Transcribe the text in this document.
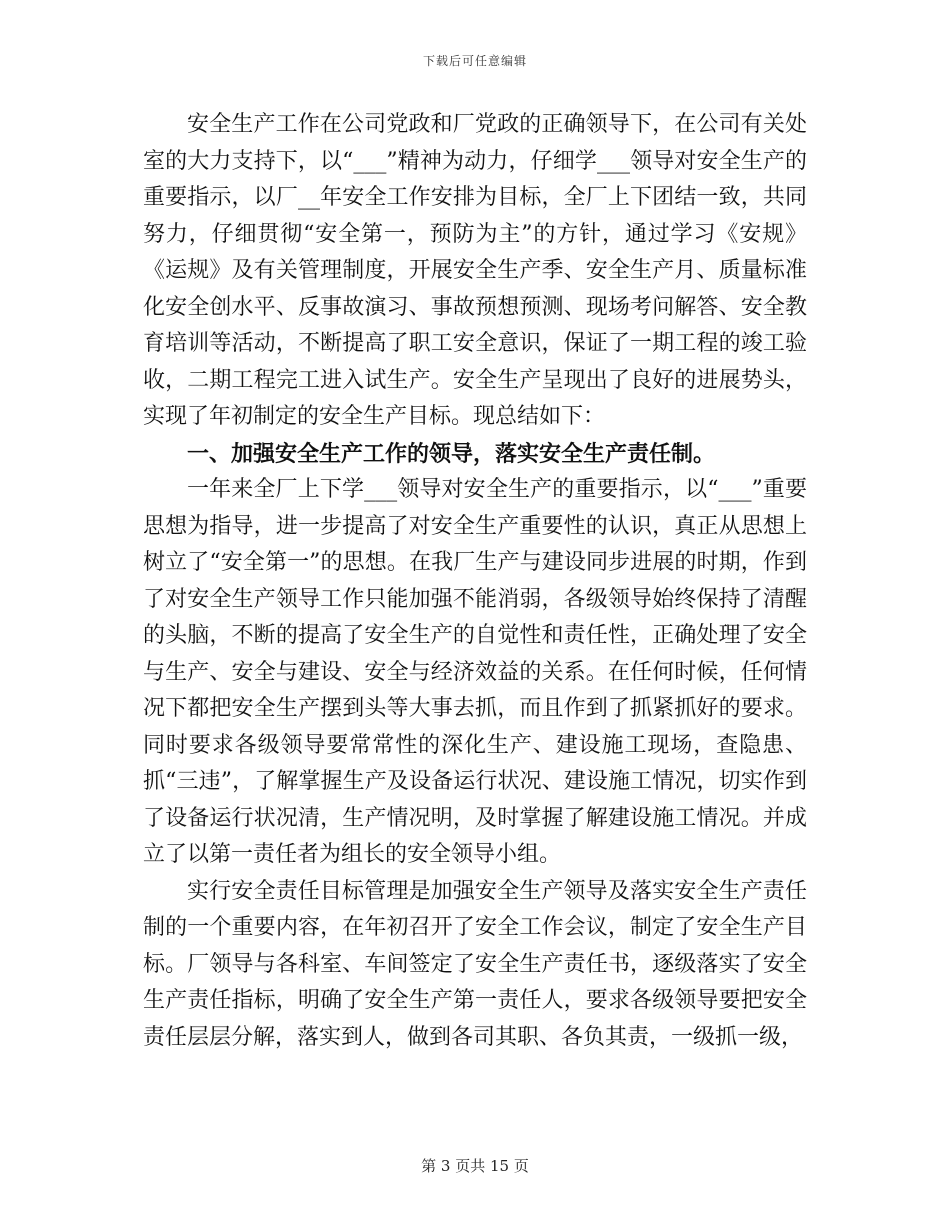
下载后可任意编辑

安全生产工作在公司党政和厂党政的正确领导下，在公司有关处室的大力支持下，以“___”精神为动力，仔细学___领导对安全生产的重要指示，以厂__年安全工作安排为目标，全厂上下团结一致，共同努力，仔细贯彻“安全第一，预防为主”的方针，通过学习《安规》《运规》及有关管理制度，开展安全生产季、安全生产月、质量标准化安全创水平、反事故演习、事故预想预测、现场考问解答、安全教育培训等活动，不断提高了职工安全意识，保证了一期工程的竣工验收，二期工程完工进入试生产。安全生产呈现出了良好的进展势头，实现了年初制定的安全生产目标。现总结如下：

一、加强安全生产工作的领导，落实安全生产责任制。

一年来全厂上下学___领导对安全生产的重要指示，以“___”重要思想为指导，进一步提高了对安全生产重要性的认识，真正从思想上树立了“安全第一”的思想。在我厂生产与建设同步进展的时期，作到了对安全生产领导工作只能加强不能消弱，各级领导始终保持了清醒的头脑，不断的提高了安全生产的自觉性和责任性，正确处理了安全与生产、安全与建设、安全与经济效益的关系。在任何时候，任何情况下都把安全生产摆到头等大事去抓，而且作到了抓紧抓好的要求。同时要求各级领导要常常性的深化生产、建设施工现场，查隐患、抓“三违”，了解掌握生产及设备运行状况、建设施工情况，切实作到了设备运行状况清，生产情况明，及时掌握了解建设施工情况。并成立了以第一责任者为组长的安全领导小组。

实行安全责任目标管理是加强安全生产领导及落实安全生产责任制的一个重要内容，在年初召开了安全工作会议，制定了安全生产目标。厂领导与各科室、车间签定了安全生产责任书，逐级落实了安全生产责任指标，明确了安全生产第一责任人，要求各级领导要把安全责任层层分解，落实到人，做到各司其职、各负其责，一级抓一级，

第 3 页共 15 页
